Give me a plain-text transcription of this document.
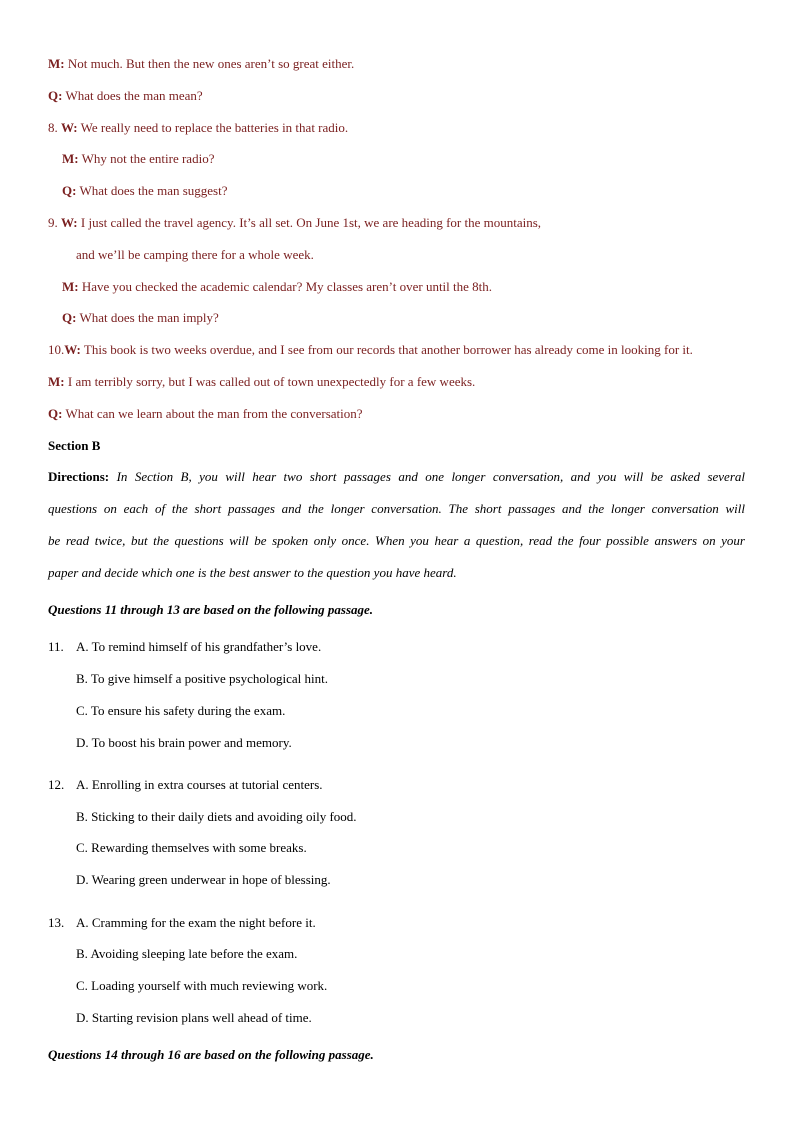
M: Not much. But then the new ones aren’t so great either.
Q: What does the man mean?
8. W: We really need to replace the batteries in that radio.
M: Why not the entire radio?
Q: What does the man suggest?
9. W: I just called the travel agency. It’s all set. On June 1st, we are heading for the mountains,
and we’ll be camping there for a whole week.
M: Have you checked the academic calendar? My classes aren’t over until the 8th.
Q: What does the man imply?
10.W: This book is two weeks overdue, and I see from our records that another borrower has already come in looking for it.
M: I am terribly sorry, but I was called out of town unexpectedly for a few weeks.
Q: What can we learn about the man from the conversation?
Section B
Directions: In Section B, you will hear two short passages and one longer conversation, and you will be asked several
questions on each of the short passages and the longer conversation. The short passages and the longer conversation will
be read twice, but the questions will be spoken only once. When you hear a question, read the four possible answers on your
paper and decide which one is the best answer to the question you have heard.
Questions 11 through 13 are based on the following passage.
11. A. To remind himself of his grandfather’s love.
B. To give himself a positive psychological hint.
C. To ensure his safety during the exam.
D. To boost his brain power and memory.
12. A. Enrolling in extra courses at tutorial centers.
B. Sticking to their daily diets and avoiding oily food.
C. Rewarding themselves with some breaks.
D. Wearing green underwear in hope of blessing.
13. A. Cramming for the exam the night before it.
B. Avoiding sleeping late before the exam.
C. Loading yourself with much reviewing work.
D. Starting revision plans well ahead of time.
Questions 14 through 16 are based on the following passage.
